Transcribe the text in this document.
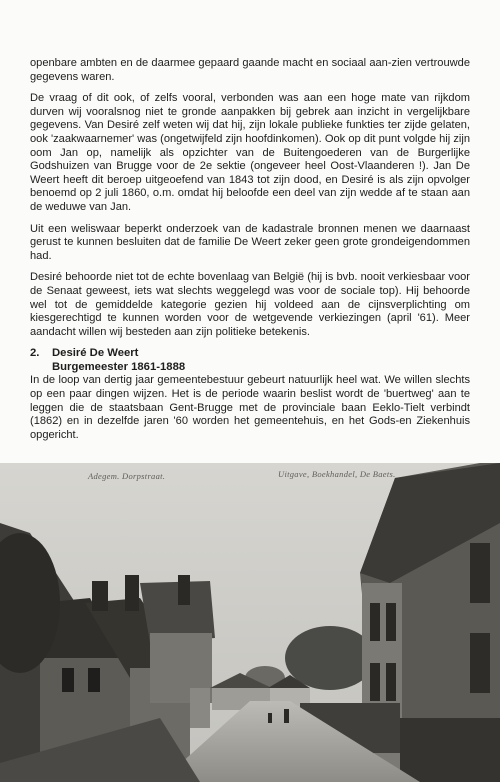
openbare ambten en de daarmee gepaard gaande macht en sociaal aan-zien vertrouwde gegevens waren.

De vraag of dit ook, of zelfs vooral, verbonden was aan een hoge mate van rijkdom durven wij vooralsnog niet te gronde aanpakken bij gebrek aan inzicht in vergelijkbare gegevens. Van Desiré zelf weten wij dat hij, zijn lokale publieke funkties ter zijde gelaten, ook 'zaakwaarnemer' was (ongetwijfeld zijn hoofdinkomen). Ook op dit punt volgde hij zijn oom Jan op, namelijk als opzichter van de Buitengoederen van de Burgerlijke Godshuizen van Brugge voor de 2e sektie (ongeveer heel Oost-Vlaanderen !). Jan De Weert heeft dit beroep uitgeoefend van 1843 tot zijn dood, en Desiré is als zijn opvolger benoemd op 2 juli 1860, o.m. omdat hij beloofde een deel van zijn wedde af te staan aan de weduwe van Jan.

Uit een weliswaar beperkt onderzoek van de kadastrale bronnen menen we daarnaast gerust te kunnen besluiten dat de familie De Weert zeker geen grote grondeigendommen had.

Desiré behoorde niet tot de echte bovenlaag van België (hij is bvb. nooit verkiesbaar voor de Senaat geweest, iets wat slechts weggelegd was voor de sociale top). Hij behoorde wel tot de gemiddelde kategorie gezien hij voldeed aan de cijnsverplichting om kiesgerechtigd te kunnen worden voor de wetgevende verkiezingen (april '61). Meer aandacht willen wij besteden aan zijn politieke betekenis.

2. Desiré De Weert
Burgemeester 1861-1888

In de loop van dertig jaar gemeentebestuur gebeurt natuurlijk heel wat. We willen slechts op een paar dingen wijzen. Het is de periode waarin beslist wordt de 'buertweg' aan te leggen die de staatsbaan Gent-Brugge met de provinciale baan Eeklo-Tielt verbindt (1862) en in dezelfde jaren '60 worden het gemeentehuis, en het Gods-en Ziekenhuis opgericht.

Adegem. Dorpstraat.	Uitgave, Boekhandel, De Baets.
